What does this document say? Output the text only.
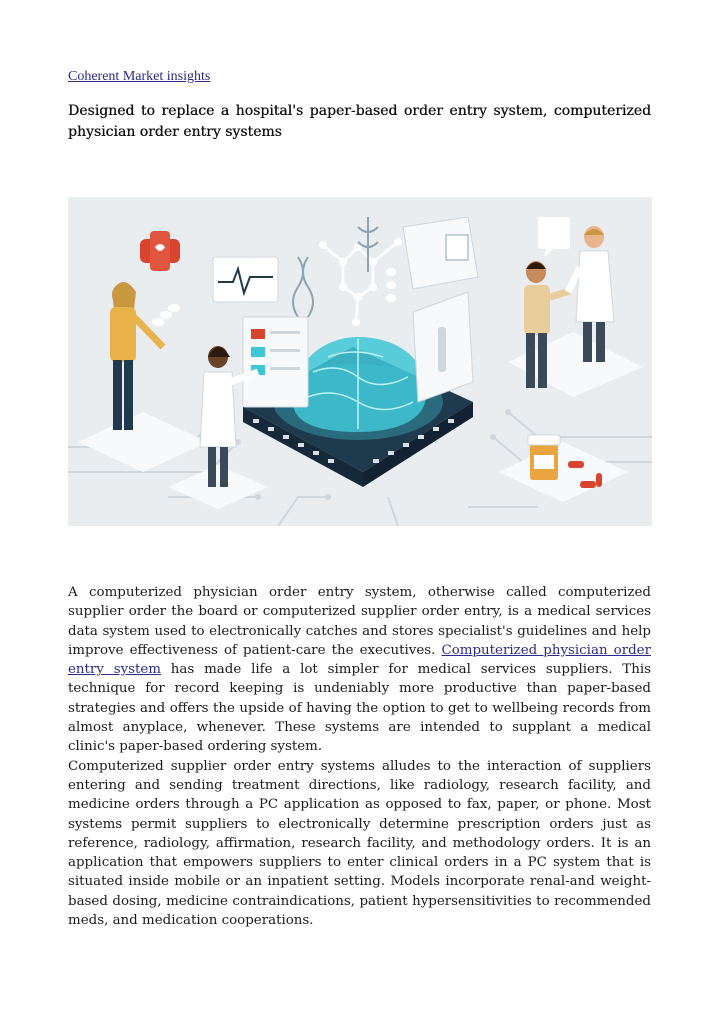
Coherent Market insights
Designed to replace a hospital's paper-based order entry system, computerized physician order entry systems

A computerized physician order entry system, otherwise called computerized supplier order the board or computerized supplier order entry, is a medical services data system used to electronically catches and stores specialist's guidelines and help improve effectiveness of patient-care the executives. Computerized physician order entry system has made life a lot simpler for medical services suppliers. This technique for record keeping is undeniably more productive than paper-based strategies and offers the upside of having the option to get to wellbeing records from almost anyplace, whenever. These systems are intended to supplant a medical clinic's paper-based ordering system.

Computerized supplier order entry systems alludes to the interaction of suppliers entering and sending treatment directions, like radiology, research facility, and medicine orders through a PC application as opposed to fax, paper, or phone. Most systems permit suppliers to electronically determine prescription orders just as reference, radiology, affirmation, research facility, and methodology orders. It is an application that empowers suppliers to enter clinical orders in a PC system that is situated inside mobile or an inpatient setting. Models incorporate renal-and weight-based dosing, medicine contraindications, patient hypersensitivities to recommended meds, and medication cooperations.
